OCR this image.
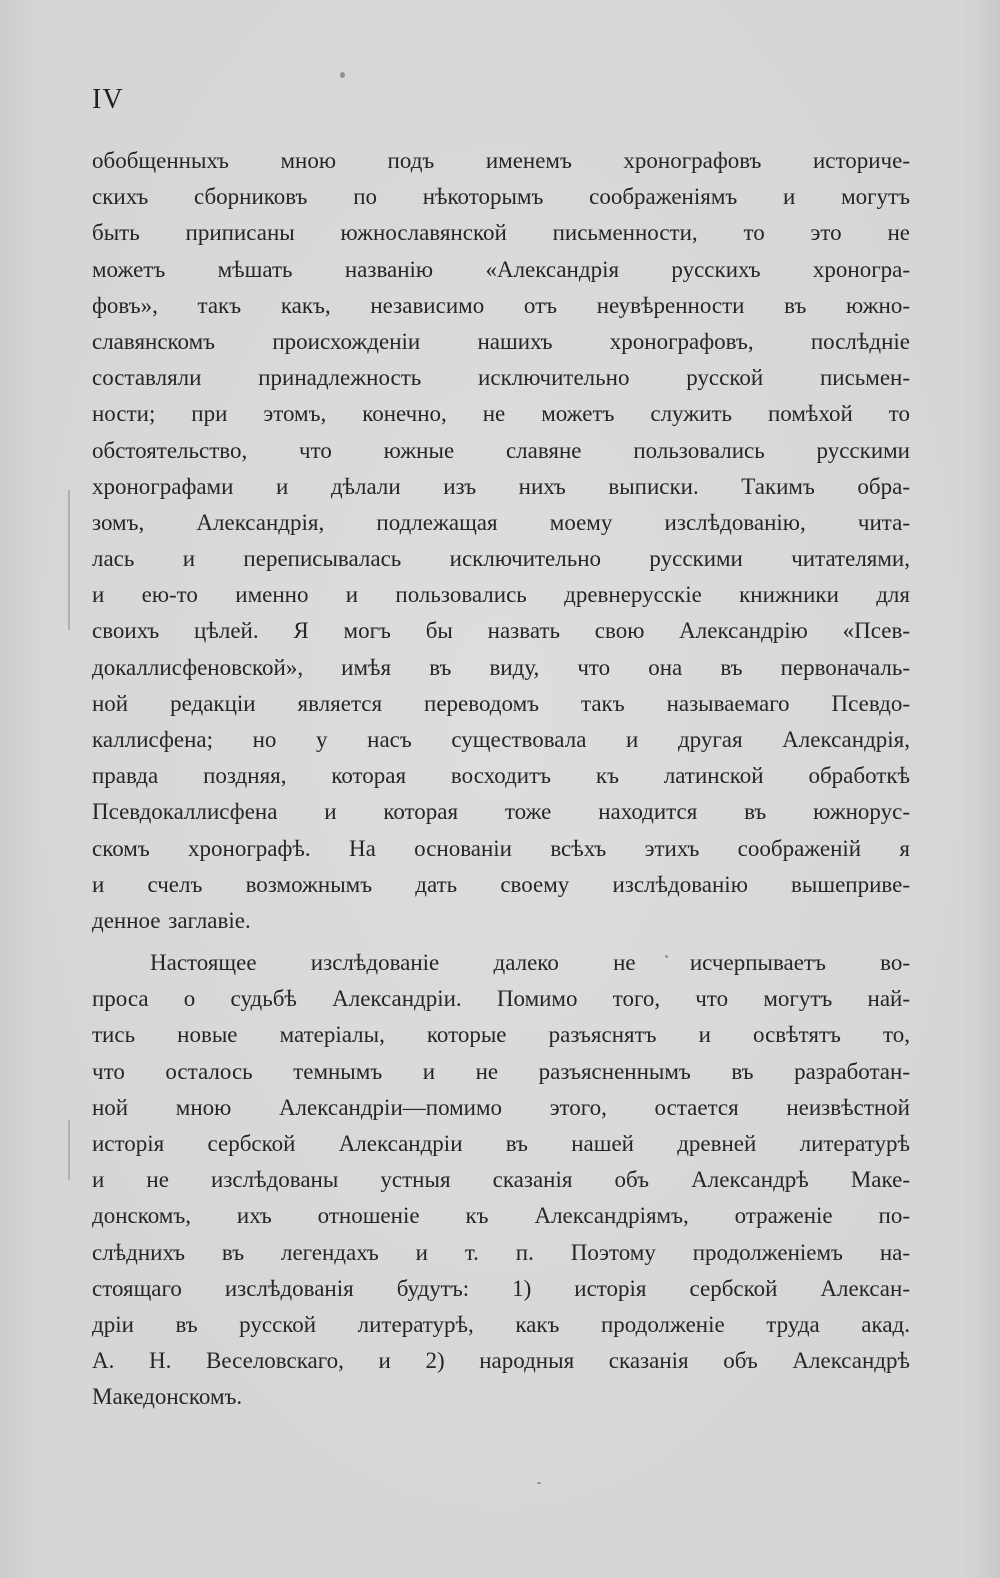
IV
обобщенныхъ мною подъ именемъ хронографовъ историче-
скихъ сборниковъ по нѣкоторымъ соображеніямъ и могутъ
быть приписаны южнославянской письменности, то это не
можетъ мѣшать названію «Александрія русскихъ хроногра-
фовъ», такъ какъ, независимо отъ неувѣренности въ южно-
славянскомъ происхожденіи нашихъ хронографовъ, послѣдніе
составляли принадлежность исключительно русской письмен-
ности; при этомъ, конечно, не можетъ служить помѣхой то
обстоятельство, что южные славяне пользовались русскими
хронографами и дѣлали изъ нихъ выписки. Такимъ обра-
зомъ, Александрія, подлежащая моему изслѣдованію, чита-
лась и переписывалась исключительно русскими читателями,
и ею-то именно и пользовались древнерусскіе книжники для
своихъ цѣлей. Я могъ бы назвать свою Александрію «Псев-
докаллисфеновской», имѣя въ виду, что она въ первоначаль-
ной редакціи является переводомъ такъ называемаго Псевдо-
каллисфена; но у насъ существовала и другая Александрія,
правда поздняя, которая восходитъ къ латинской обработкѣ
Псевдокаллисфена и которая тоже находится въ южнорус-
скомъ хронографѣ. На основаніи всѣхъ этихъ соображеній я
и счелъ возможнымъ дать своему изслѣдованію вышеприве-
денное заглавіе.
Настоящее изслѣдованіе далеко не исчерпываетъ во-
проса о судьбѣ Александріи. Помимо того, что могутъ най-
тись новые матеріалы, которые разъяснятъ и освѣтятъ то,
что осталось темнымъ и не разъясненнымъ въ разработан-
ной мною Александріи—помимо этого, остается неизвѣстной
исторія сербской Александріи въ нашей древней литературѣ
и не изслѣдованы устныя сказанія объ Александрѣ Маке-
донскомъ, ихъ отношеніе къ Александріямъ, отраженіе по-
слѣднихъ въ легендахъ и т. п. Поэтому продолженіемъ на-
стоящаго изслѣдованія будутъ: 1) исторія сербской Алексан-
дріи въ русской литературѣ, какъ продолженіе труда акад.
А. Н. Веселовскаго, и 2) народныя сказанія объ Александрѣ
Македонскомъ.
